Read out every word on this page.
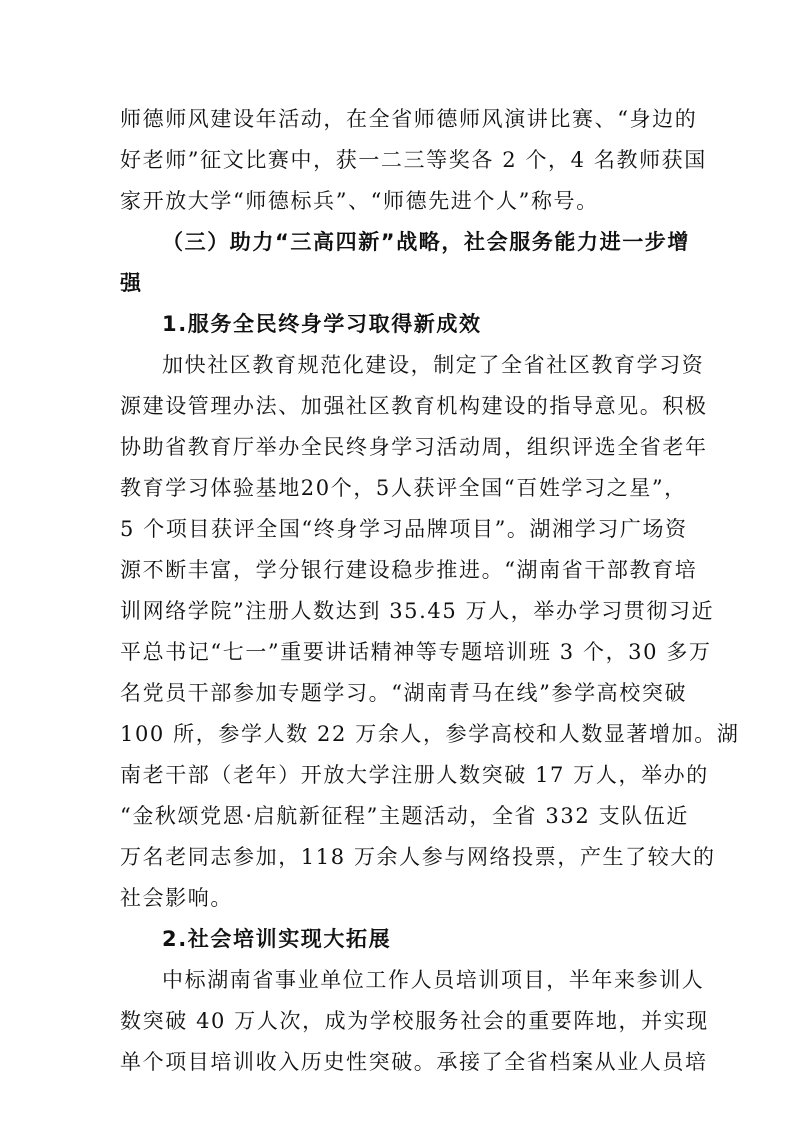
师德师风建设年活动，在全省师德师风演讲比赛、“身边的
好老师”征文比赛中，获一二三等奖各 2 个，4 名教师获国
家开放大学“师德标兵”、“师德先进个人”称号。
（三）助力“三高四新”战略，社会服务能力进一步增
强
1.服务全民终身学习取得新成效
加快社区教育规范化建设，制定了全省社区教育学习资
源建设管理办法、加强社区教育机构建设的指导意见。积极
协助省教育厅举办全民终身学习活动周，组织评选全省老年
教育学习体验基地20个，5人获评全国“百姓学习之星”，
5 个项目获评全国“终身学习品牌项目”。湖湘学习广场资
源不断丰富，学分银行建设稳步推进。“湖南省干部教育培
训网络学院”注册人数达到 35.45 万人，举办学习贯彻习近
平总书记“七一”重要讲话精神等专题培训班 3 个，30 多万
名党员干部参加专题学习。“湖南青马在线”参学高校突破
100 所，参学人数 22 万余人，参学高校和人数显著增加。湖
南老干部（老年）开放大学注册人数突破 17 万人，举办的
“金秋颂党恩·启航新征程”主题活动，全省 332 支队伍近
万名老同志参加，118 万余人参与网络投票，产生了较大的
社会影响。
2.社会培训实现大拓展
中标湖南省事业单位工作人员培训项目，半年来参训人
数突破 40 万人次，成为学校服务社会的重要阵地，并实现
单个项目培训收入历史性突破。承接了全省档案从业人员培
